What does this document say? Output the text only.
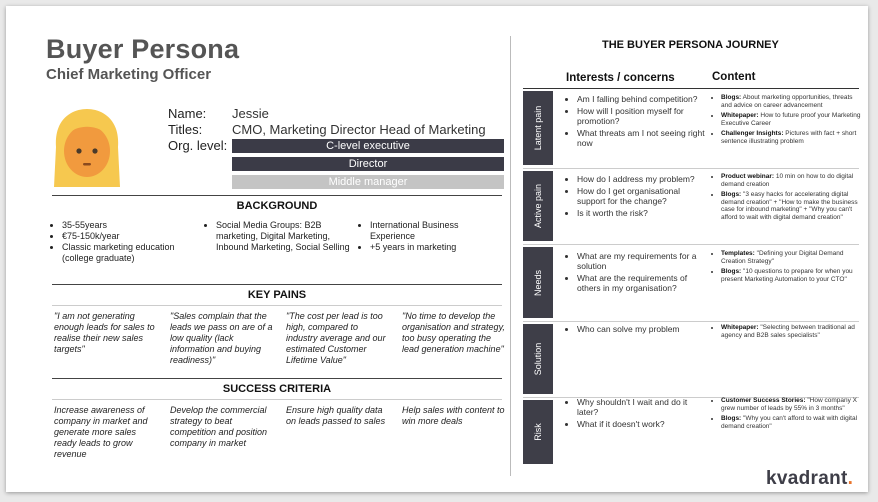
Buyer Persona
Chief Marketing Officer
Name: Jessie
Titles: CMO, Marketing Director Head of Marketing
Org. level:	C-level executive
Director
Middle manager
BACKGROUND
• 35-55years
• €75-150k/year
• Classic marketing education (college graduate)
• Social Media Groups: B2B marketing, Digital Marketing, Inbound Marketing, Social Selling
• International Business Experience
• +5 years in marketing
KEY PAINS
"I am not generating enough leads for sales to realise their new sales targets"
"Sales complain that the leads we pass on are of a low quality (lack information and buying readiness)"
"The cost per lead is too high, compared to industry average and our estimated Customer Lifetime Value"
"No time to develop the organisation and strategy, too busy operating the lead generation machine"
SUCCESS CRITERIA
Increase awareness of company in market and generate more sales ready leads to grow revenue
Develop the commercial strategy to beat competition and position company in market
Ensure high quality data on leads passed to sales
Help sales with content to win more deals
THE BUYER PERSONA JOURNEY
Interests / concerns	Content
Latent pain
• Am I falling behind competition?
• How will I position myself for promotion?
• What threats am I not seeing right now
• Blogs: About marketing opportunities, threats and advice on career advancement
• Whitepaper: How to future proof your Marketing Executive Career
• Challenger Insights: Pictures with fact + short sentence illustrating problem
Active pain
• How do I address my problem?
• How do I get organisational support for the change?
• Is it worth the risk?
• Product webinar: 10 min on how to do digital demand creation
• Blogs: "3 easy hacks for accelerating digital demand creation" + "How to make the business case for inbound marketing" + "Why you can't afford to wait with digital demand creation"
Needs
• What are my requirements for a solution
• What are the requirements of others in my organisation?
• Templates: "Defining your Digital Demand Creation Strategy"
• Blogs: "10 questions to prepare for when you present Marketing Automation to your CTO"
Solution
• Who can solve my problem
•	Whitepaper: "Selecting between traditional ad agency and B2B sales specialists"
Risk
• Why shouldn't I wait and do it later?
• What if it doesn't work?
• Customer Success Stories: "How company X grew number of leads by 55% in 3 months"
• Blogs: "Why you can't afford to wait with digital demand creation"
kvadrant.
